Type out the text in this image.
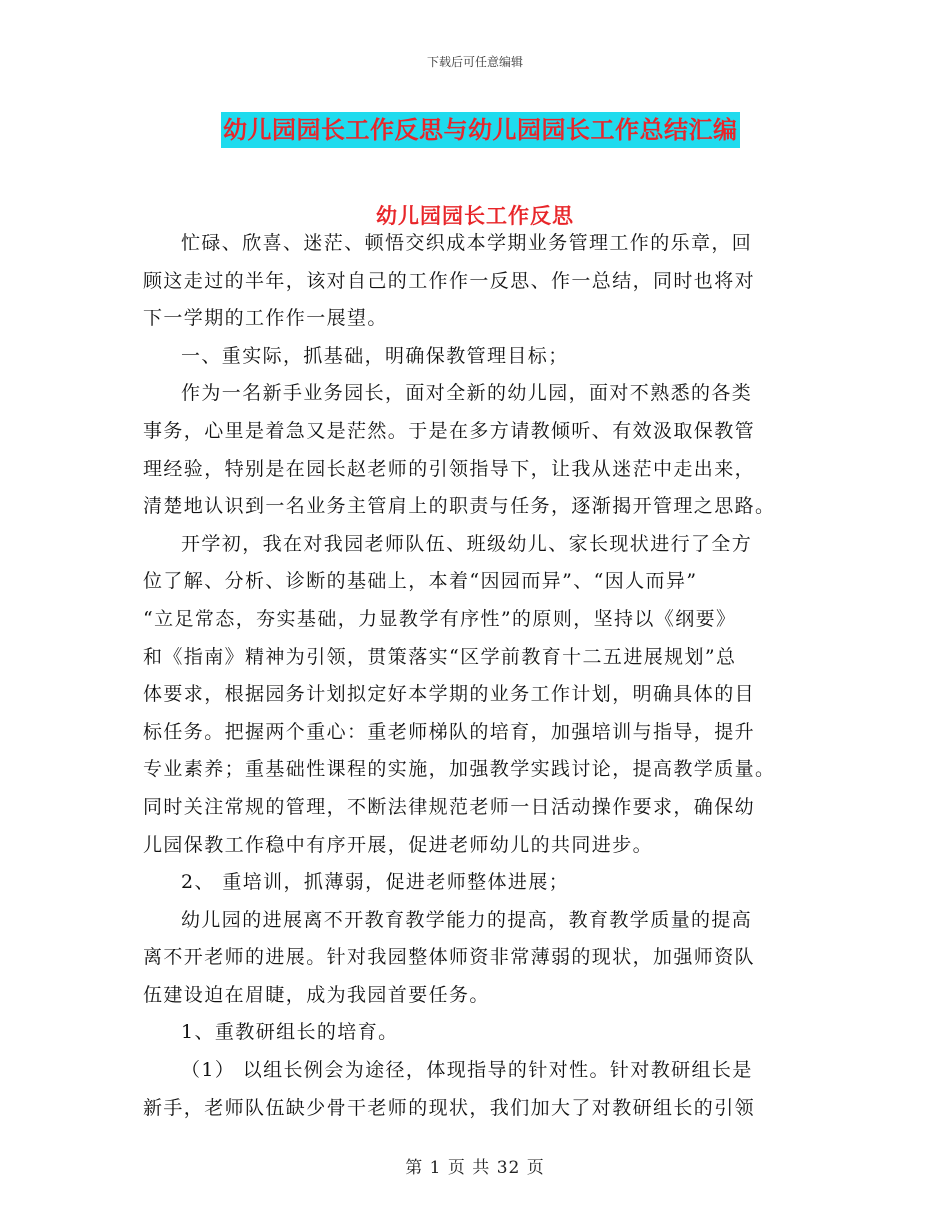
下载后可任意编辑
幼儿园园长工作反思与幼儿园园长工作总结汇编
幼儿园园长工作反思
忙碌、欣喜、迷茫、顿悟交织成本学期业务管理工作的乐章，回
顾这走过的半年，该对自己的工作作一反思、作一总结，同时也将对
下一学期的工作作一展望。
一、重实际，抓基础，明确保教管理目标；
作为一名新手业务园长，面对全新的幼儿园，面对不熟悉的各类
事务，心里是着急又是茫然。于是在多方请教倾听、有效汲取保教管
理经验，特别是在园长赵老师的引领指导下，让我从迷茫中走出来，
清楚地认识到一名业务主管肩上的职责与任务，逐渐揭开管理之思路。
开学初，我在对我园老师队伍、班级幼儿、家长现状进行了全方
位了解、分析、诊断的基础上，本着“因园而异”、“因人而异”
“立足常态，夯实基础，力显教学有序性”的原则，坚持以《纲要》
和《指南》精神为引领，贯策落实“区学前教育十二五进展规划”总
体要求，根据园务计划拟定好本学期的业务工作计划，明确具体的目
标任务。把握两个重心：重老师梯队的培育，加强培训与指导，提升
专业素养；重基础性课程的实施，加强教学实践讨论，提高教学质量。
同时关注常规的管理，不断法律规范老师一日活动操作要求，确保幼
儿园保教工作稳中有序开展，促进老师幼儿的共同进步。
2、 重培训，抓薄弱，促进老师整体进展；
幼儿园的进展离不开教育教学能力的提高，教育教学质量的提高
离不开老师的进展。针对我园整体师资非常薄弱的现状，加强师资队
伍建设迫在眉睫，成为我园首要任务。
1、重教研组长的培育。
（1） 以组长例会为途径，体现指导的针对性。针对教研组长是
新手，老师队伍缺少骨干老师的现状，我们加大了对教研组长的引领
第 1 页 共 32 页
